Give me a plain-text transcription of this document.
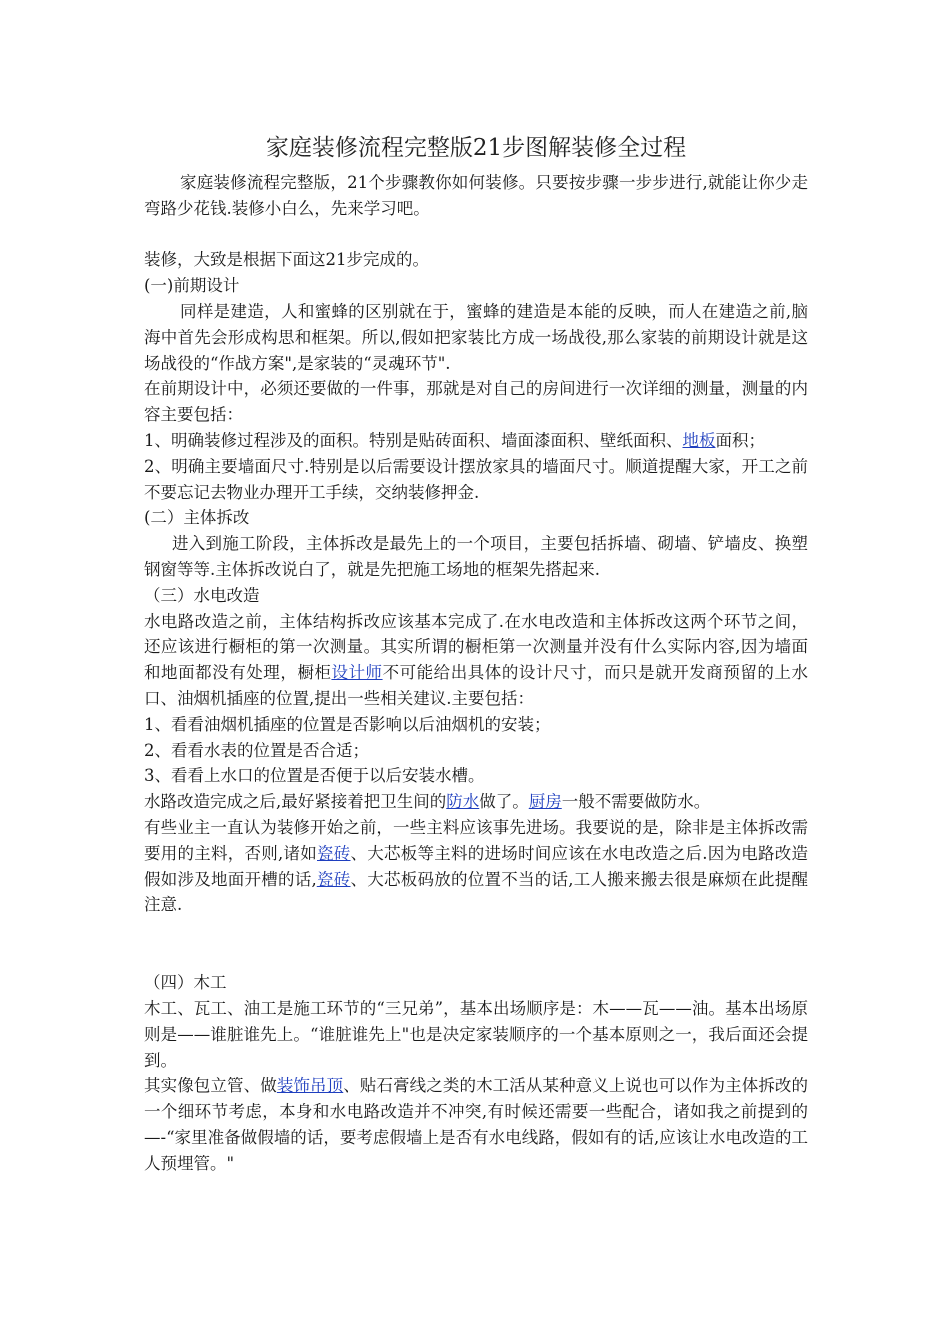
家庭装修流程完整版21步图解装修全过程

家庭装修流程完整版，21个步骤教你如何装修。只要按步骤一步步进行,就能让你少走弯路少花钱.装修小白么，先来学习吧。

装修，大致是根据下面这21步完成的。

(一)前期设计

同样是建造，人和蜜蜂的区别就在于，蜜蜂的建造是本能的反映，而人在建造之前,脑海中首先会形成构思和框架。所以,假如把家装比方成一场战役,那么家装的前期设计就是这场战役的“作战方案",是家装的“灵魂环节".

在前期设计中，必须还要做的一件事，那就是对自己的房间进行一次详细的测量，测量的内容主要包括：

1、明确装修过程涉及的面积。特别是贴砖面积、墙面漆面积、壁纸面积、地板面积；

2、明确主要墙面尺寸.特别是以后需要设计摆放家具的墙面尺寸。顺道提醒大家，开工之前不要忘记去物业办理开工手续，交纳装修押金.

(二）主体拆改

进入到施工阶段，主体拆改是最先上的一个项目，主要包括拆墙、砌墙、铲墙皮、换塑钢窗等等.主体拆改说白了，就是先把施工场地的框架先搭起来.

（三）水电改造

水电路改造之前，主体结构拆改应该基本完成了.在水电改造和主体拆改这两个环节之间，还应该进行橱柜的第一次测量。其实所谓的橱柜第一次测量并没有什么实际内容,因为墙面和地面都没有处理，橱柜设计师不可能给出具体的设计尺寸，而只是就开发商预留的上水口、油烟机插座的位置,提出一些相关建议.主要包括：

1、看看油烟机插座的位置是否影响以后油烟机的安装；

2、看看水表的位置是否合适；

3、看看上水口的位置是否便于以后安装水槽。

水路改造完成之后,最好紧接着把卫生间的防水做了。厨房一般不需要做防水。

有些业主一直认为装修开始之前，一些主料应该事先进场。我要说的是，除非是主体拆改需要用的主料，否则,诸如瓷砖、大芯板等主料的进场时间应该在水电改造之后.因为电路改造假如涉及地面开槽的话,瓷砖、大芯板码放的位置不当的话,工人搬来搬去很是麻烦在此提醒注意.

（四）木工

木工、瓦工、油工是施工环节的“三兄弟”，基本出场顺序是：木——瓦——油。基本出场原则是——谁脏谁先上。“谁脏谁先上"也是决定家装顺序的一个基本原则之一，我后面还会提到。

其实像包立管、做装饰吊顶、贴石膏线之类的木工活从某种意义上说也可以作为主体拆改的一个细环节考虑，本身和水电路改造并不冲突,有时候还需要一些配合，诸如我之前提到的—-“家里准备做假墙的话，要考虑假墙上是否有水电线路，假如有的话,应该让水电改造的工人预埋管。"
